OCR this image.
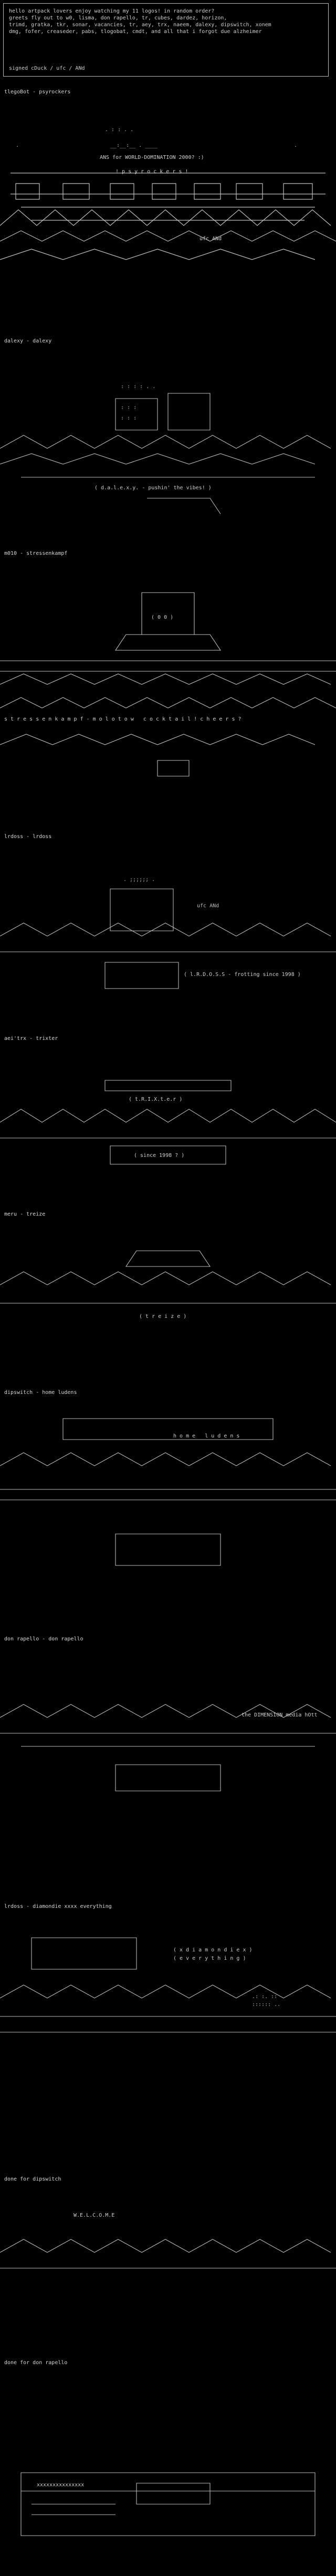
hello artpack lovers enjoy watching my 11 logos! in random order?
greets fly out to w0, lisma, don rapello, tr, cubes, dardez, horizon,
trimd, gratka, tkr, sonar, vacancies, tr, aey, trx, naeem, dalexy, dipswitch, xonem
dmg, fofer, creaseder, pabs, tlogobat, cmdt, and all that i forgot due alzheimer
signed cDuck / ufc / ANd
tlegoBot - psyrockers
. : : . .
__:__:__ . ____
.	.
ANS for WORLD-DOMINATION 2000? :)
! p s y r o c k e r s !
ufc ANd
dalexy - dalexy
: : : : . .
: : :
: : :
( d.a.l.e.x.y. - pushin' the vibes! )
m010 - stressenkampf
( 0 0 )
s t r e s s e n k a m p f - m o l o t o w   c o c k t a i l ! c h e e r s ?
lrdoss - lrdoss
. ;;;;;; .
ufc ANd
( l.R.D.O.S.S - frotting since 1998 )
aei'trx - trixter
( t.R.I.X.t.e.r )
( since 1998 ? )
meru - treize
( t r e i z e )
dipswitch - home ludens
h o m e   l u d e n s
don rapello - don rapello
the DIMENSION media hOtt
lrdoss - diamondie xxxx everything
.: :. ::
:::::: ..
( x d i a m o n d i e x )
( e v e r y t h i n g )
done for dipswitch
W.E.L.C.O.M.E
done for don rapello
xxxxxxxxxxxxxxx
